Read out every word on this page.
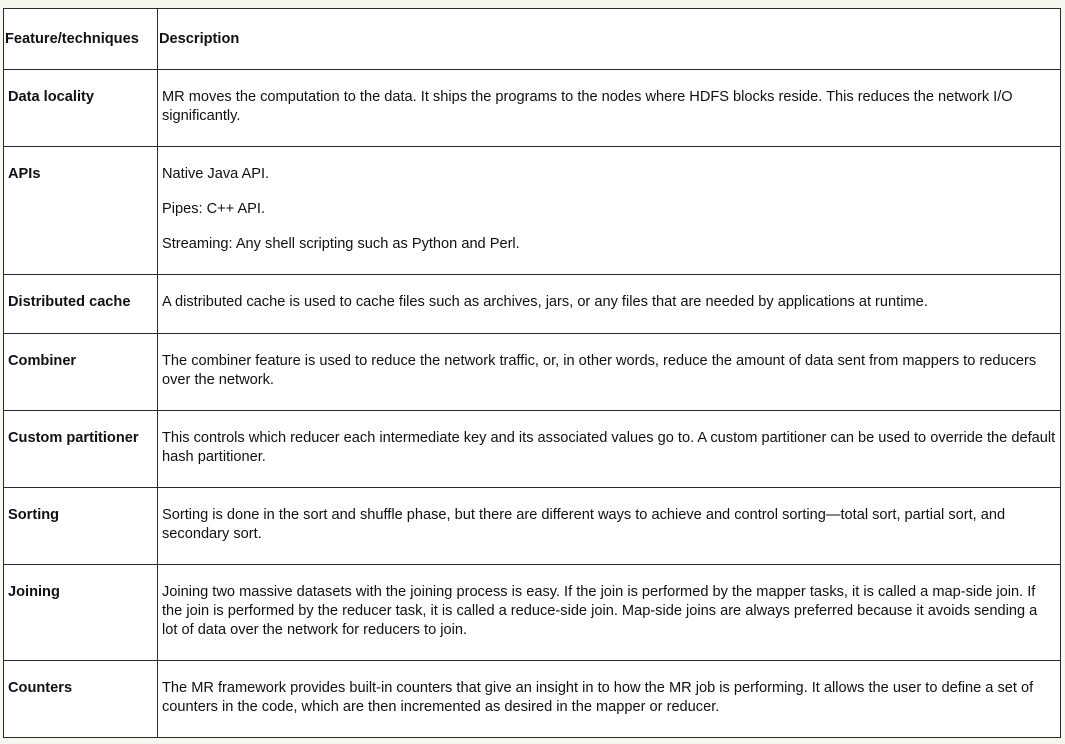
Feature/techniques	Description

Data locality	MR moves the computation to the data. It ships the programs to the nodes where HDFS blocks reside. This reduces the network I/O significantly.

APIs	Native Java API.

Pipes: C++ API.

Streaming: Any shell scripting such as Python and Perl.

Distributed cache	A distributed cache is used to cache files such as archives, jars, or any files that are needed by applications at runtime.

Combiner	The combiner feature is used to reduce the network traffic, or, in other words, reduce the amount of data sent from mappers to reducers over the network.

Custom partitioner	This controls which reducer each intermediate key and its associated values go to. A custom partitioner can be used to override the default hash partitioner.

Sorting	Sorting is done in the sort and shuffle phase, but there are different ways to achieve and control sorting—total sort, partial sort, and secondary sort.

Joining	Joining two massive datasets with the joining process is easy. If the join is performed by the mapper tasks, it is called a map-side join. If the join is performed by the reducer task, it is called a reduce-side join. Map-side joins are always preferred because it avoids sending a lot of data over the network for reducers to join.

Counters	The MR framework provides built-in counters that give an insight in to how the MR job is performing. It allows the user to define a set of counters in the code, which are then incremented as desired in the mapper or reducer.
